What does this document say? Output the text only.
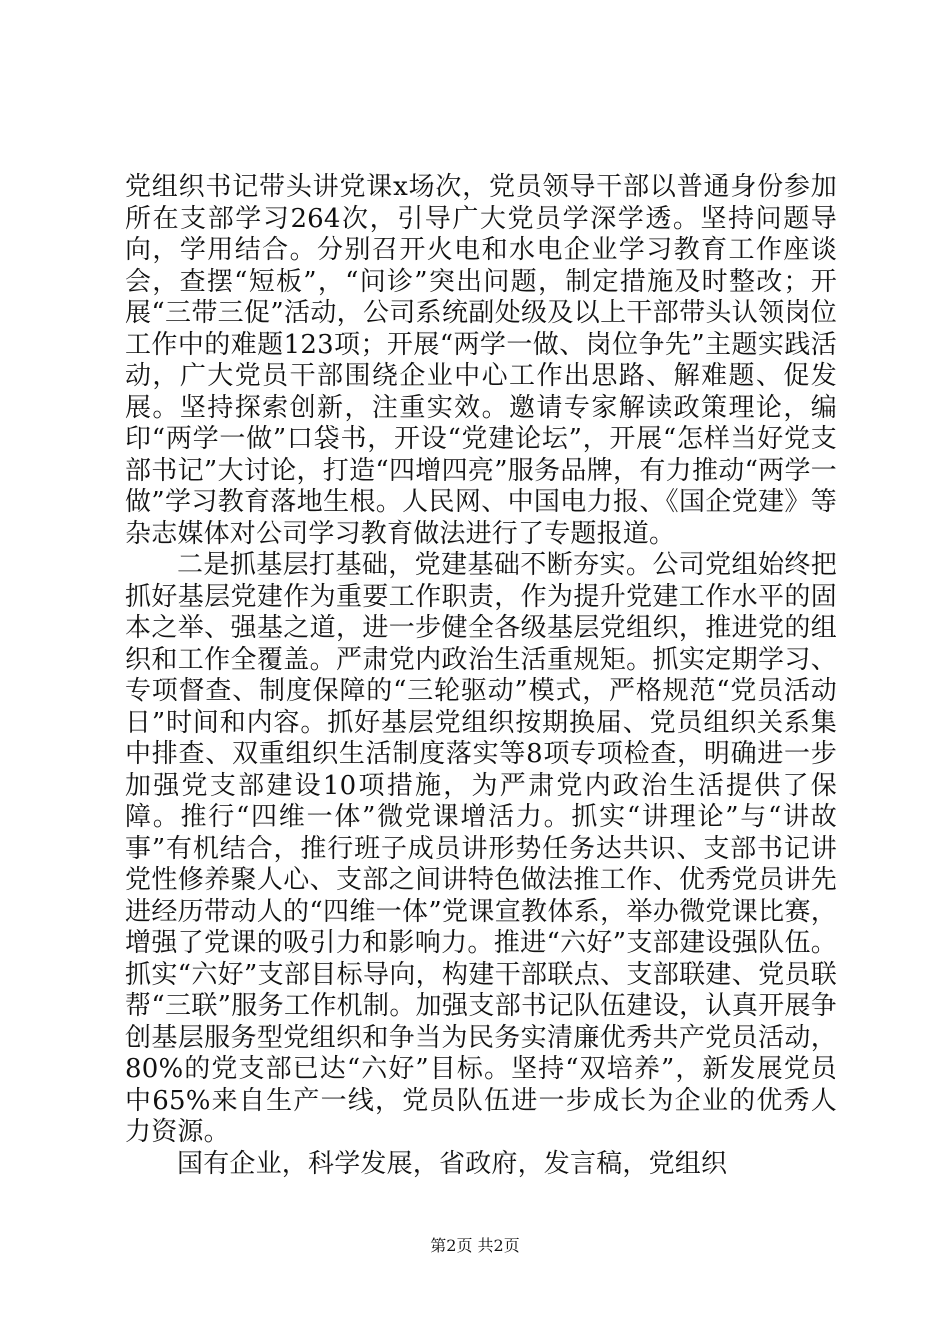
党组织书记带头讲党课x场次，党员领导干部以普通身份参加所在支部学习264次，引导广大党员学深学透。坚持问题导向，学用结合。分别召开火电和水电企业学习教育工作座谈会，查摆“短板”，“问诊”突出问题，制定措施及时整改；开展“三带三促”活动，公司系统副处级及以上干部带头认领岗位工作中的难题123项；开展“两学一做、岗位争先”主题实践活动，广大党员干部围绕企业中心工作出思路、解难题、促发展。坚持探索创新，注重实效。邀请专家解读政策理论，编印“两学一做”口袋书，开设“党建论坛”，开展“怎样当好党支部书记”大讨论，打造“四增四亮”服务品牌，有力推动“两学一做”学习教育落地生根。人民网、中国电力报、《国企党建》等杂志媒体对公司学习教育做法进行了专题报道。

二是抓基层打基础，党建基础不断夯实。公司党组始终把抓好基层党建作为重要工作职责，作为提升党建工作水平的固本之举、强基之道，进一步健全各级基层党组织，推进党的组织和工作全覆盖。严肃党内政治生活重规矩。抓实定期学习、专项督查、制度保障的“三轮驱动”模式，严格规范“党员活动日”时间和内容。抓好基层党组织按期换届、党员组织关系集中排查、双重组织生活制度落实等8项专项检查，明确进一步加强党支部建设10项措施，为严肃党内政治生活提供了保障。推行“四维一体”微党课增活力。抓实“讲理论”与“讲故事”有机结合，推行班子成员讲形势任务达共识、支部书记讲党性修养聚人心、支部之间讲特色做法推工作、优秀党员讲先进经历带动人的“四维一体”党课宣教体系，举办微党课比赛，增强了党课的吸引力和影响力。推进“六好”支部建设强队伍。抓实“六好”支部目标导向，构建干部联点、支部联建、党员联帮“三联”服务工作机制。加强支部书记队伍建设，认真开展争创基层服务型党组织和争当为民务实清廉优秀共产党员活动，80%的党支部已达“六好”目标。坚持“双培养”，新发展党员中65%来自生产一线，党员队伍进一步成长为企业的优秀人力资源。

国有企业，科学发展，省政府，发言稿，党组织

第2页 共2页
